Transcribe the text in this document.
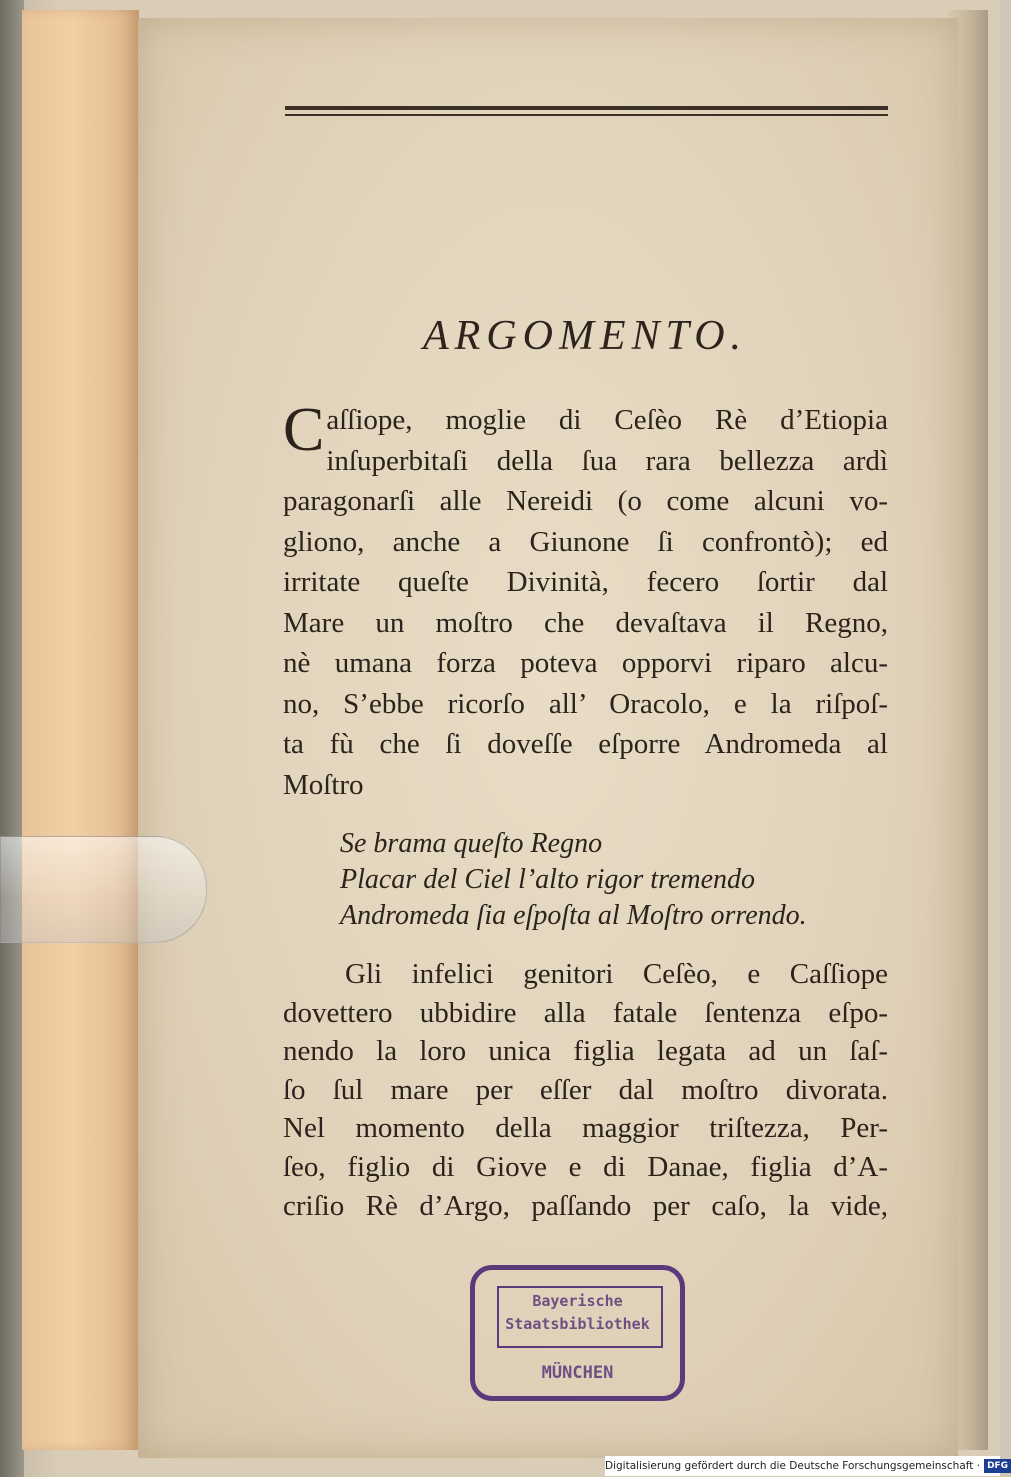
ARGOMENTO.
C aſſiope, moglie di Ceſèo Rè d’Etiopia
inſuperbitaſi della ſua rara bellezza ardì
paragonarſi alle Nereidi (o come alcuni vo-
gliono, anche a Giunone ſi confrontò); ed
irritate queſte Divinità, fecero ſortir dal
Mare un moſtro che devaſtava il Regno,
nè umana forza poteva opporvi riparo alcu-
no, S’ebbe ricorſo all’ Oracolo, e la riſpoſ-
ta fù che ſi doveſſe eſporre Andromeda al
Moſtro
Se brama queſto Regno
Placar del Ciel l’alto rigor tremendo
Andromeda ſia eſpoſta al Moſtro orrendo.
Gli infelici genitori Ceſèo, e Caſſiope
dovettero ubbidire alla fatale ſentenza eſpo-
nendo la loro unica figlia legata ad un ſaſ-
ſo ſul mare per eſſer dal moſtro divorata.
Nel momento della maggior triſtezza, Per-
ſeo, figlio di Giove e di Danae, figlia d’A-
criſio Rè d’Argo, paſſando per caſo, la vide,
Bayerische
Staatsbibliothek
MÜNCHEN
Digitalisierung gefördert durch die Deutsche Forschungsgemeinschaft · DFG
